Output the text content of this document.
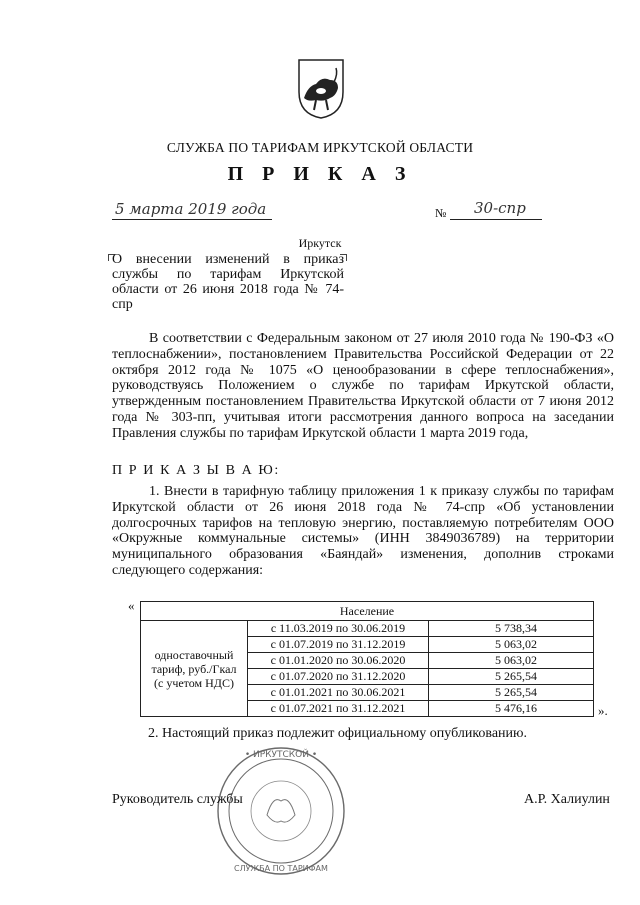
СЛУЖБА ПО ТАРИФАМ ИРКУТСКОЙ ОБЛАСТИ
П Р И К А З
5 марта 2019 года	№ 30-спр
Иркутск
О внесении изменений в приказ службы по тарифам Иркутской области от 26 июня 2018 года № 74-спр
В соответствии с Федеральным законом от 27 июля 2010 года № 190-ФЗ «О теплоснабжении», постановлением Правительства Российской Федерации от 22 октября 2012 года № 1075 «О ценообразовании в сфере теплоснабжения», руководствуясь Положением о службе по тарифам Иркутской области, утвержденным постановлением Правительства Иркутской области от 7 июня 2012 года № 303-пп, учитывая итоги рассмотрения данного вопроса на заседании Правления службы по тарифам Иркутской области 1 марта 2019 года,
П Р И К А З Ы В А Ю:
1. Внести в тарифную таблицу приложения 1 к приказу службы по тарифам Иркутской области от 26 июня 2018 года № 74-спр «Об установлении долгосрочных тарифов на тепловую энергию, поставляемую потребителям ООО «Окружные коммунальные системы» (ИНН 3849036789) на территории муниципального образования «Баяндай» изменения, дополнив строками следующего содержания:
«	Население		
одноставочный тариф, руб./Гкал (с учетом НДС)	с 11.03.2019 по 30.06.2019	5 738,34
	с 01.07.2019 по 31.12.2019	5 063,02
	с 01.01.2020 по 30.06.2020	5 063,02
	с 01.07.2020 по 31.12.2020	5 265,54
	с 01.01.2021 по 30.06.2021	5 265,54
	с 01.07.2021 по 31.12.2021	5 476,16	».
2. Настоящий приказ подлежит официальному опубликованию.
• ИРКУТСКОЙ •
СЛУЖБА ПО ТАРИФАМ
Руководитель службы	А.Р. Халиулин
